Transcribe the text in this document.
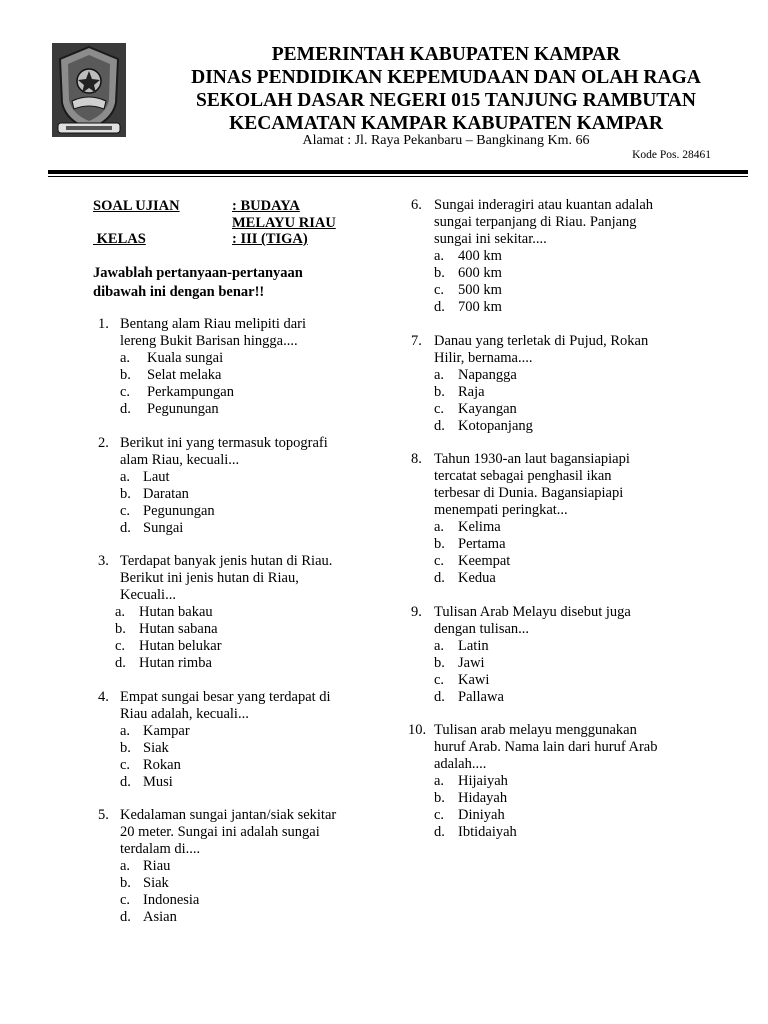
PEMERINTAH KABUPATEN KAMPAR
DINAS PENDIDIKAN KEPEMUDAAN DAN OLAH RAGA
SEKOLAH DASAR NEGERI 015 TANJUNG RAMBUTAN
KECAMATAN KAMPAR KABUPATEN KAMPAR
Alamat : Jl. Raya Pekanbaru – Bangkinang Km. 66
Kode Pos. 28461
SOAL UJIAN	: BUDAYA
MELAYU RIAU
KELAS	: III (TIGA)
Jawablah pertanyaan-pertanyaan dibawah ini dengan benar!!
1. Bentang alam Riau melipiti dari
lereng Bukit Barisan hingga....
a.	Kuala sungai
b.	Selat melaka
c.	Perkampungan
d.	Pegunungan
2. Berikut ini yang termasuk topografi
alam Riau, kecuali...
a. Laut
b. Daratan
c. Pegunungan
d. Sungai
3. Terdapat banyak jenis hutan di Riau.
Berikut ini jenis hutan di Riau,
Kecuali...
a. Hutan bakau
b. Hutan sabana
c. Hutan belukar
d. Hutan rimba
4. Empat sungai besar yang terdapat di
Riau adalah, kecuali...
a. Kampar
b. Siak
c. Rokan
d. Musi
5. Kedalaman sungai jantan/siak sekitar
20 meter. Sungai ini adalah sungai
terdalam di....
a. Riau
b. Siak
c. Indonesia
d. Asian
6. Sungai inderagiri atau kuantan adalah
sungai terpanjang di Riau. Panjang
sungai ini sekitar....
a. 400 km
b. 600 km
c. 500 km
d. 700 km
7. Danau yang terletak di Pujud, Rokan
Hilir, bernama....
a. Napangga
b. Raja
c. Kayangan
d. Kotopanjang
8. Tahun 1930-an laut bagansiapiapi
tercatat sebagai penghasil ikan
terbesar di Dunia. Bagansiapiapi
menempati peringkat...
a. Kelima
b. Pertama
c. Keempat
d. Kedua
9. Tulisan Arab Melayu disebut juga
dengan tulisan...
a. Latin
b. Jawi
c. Kawi
d. Pallawa
10. Tulisan arab melayu menggunakan
huruf Arab. Nama lain dari huruf Arab
adalah....
a. Hijaiyah
b. Hidayah
c. Diniyah
d. Ibtidaiyah
